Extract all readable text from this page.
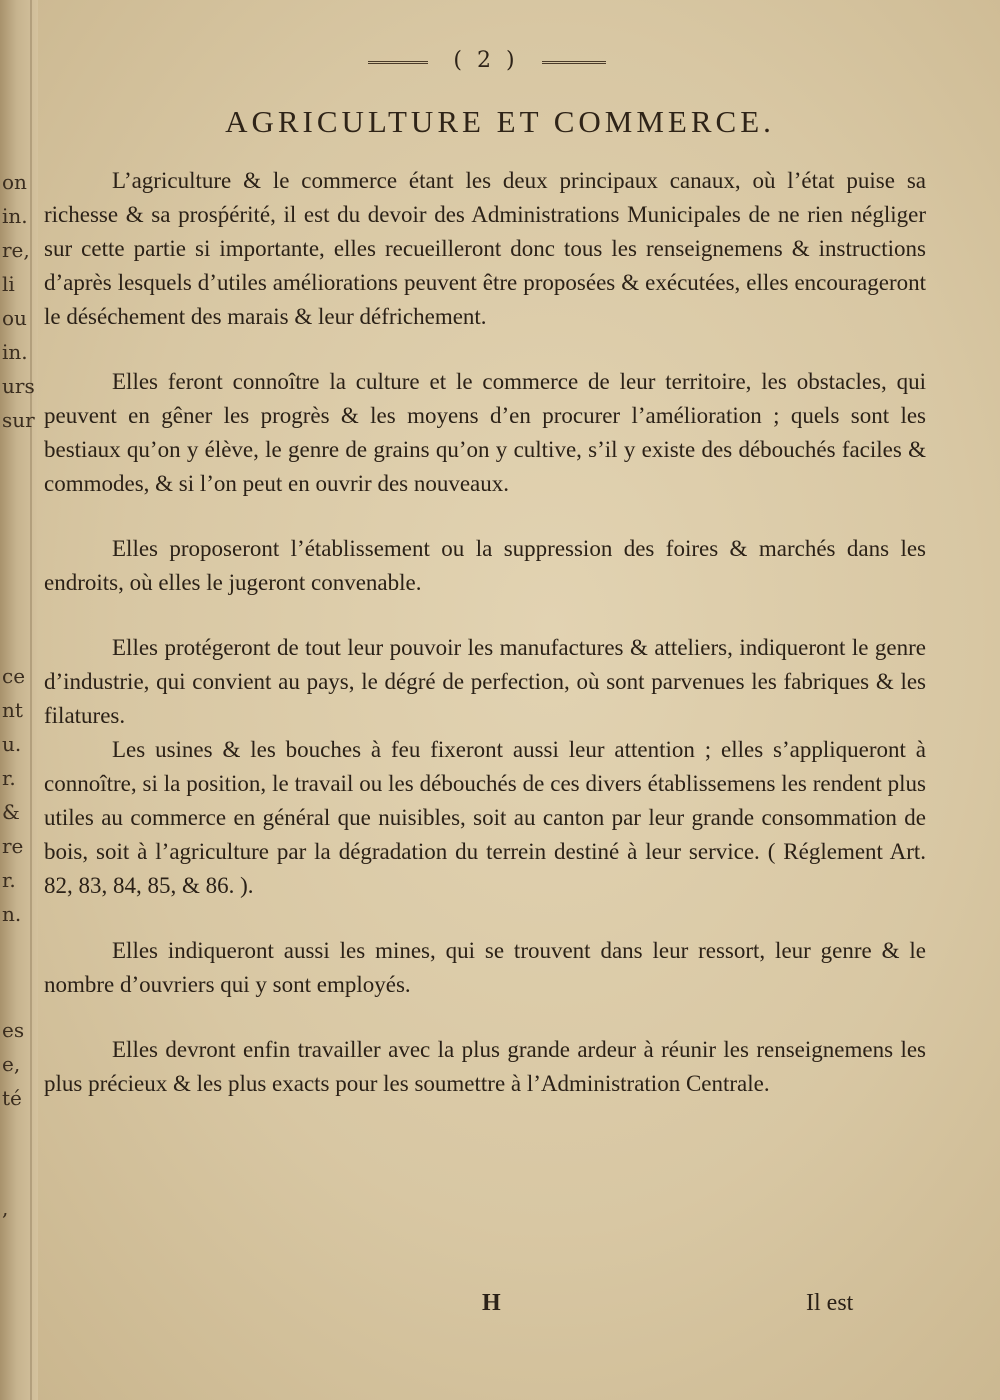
on
in.
re,
li
ou
in.
urs
sur
ce
nt
u.
r.
&
re
r.
n.
es
e,
té
,
( 2 )
AGRICULTURE ET COMMERCE.

L’agriculture & le commerce étant les deux principaux canaux, où l’état puise sa richesse & sa prosṕérité, il est du devoir des Administrations Municipales de ne rien négliger sur cette partie si importante, elles recueilleront donc tous les renseignemens & instructions d’après lesquels d’utiles améliorations peuvent être proposées & exécutées, elles encourageront le déséchement des marais & leur défrichement.

Elles feront connoître la culture et le commerce de leur territoire, les obstacles, qui peuvent en gêner les progrès & les moyens d’en procurer l’amélioration ; quels sont les bestiaux qu’on y élève, le genre de grains qu’on y cultive, s’il y existe des débouchés faciles & commodes, & si l’on peut en ouvrir des nouveaux.

Elles proposeront l’établissement ou la suppression des foires & marchés dans les endroits, où elles le jugeront convenable.

Elles protégeront de tout leur pouvoir les manufactures & atteliers, indiqueront le genre d’industrie, qui convient au pays, le dégré de perfection, où sont parvenues les fabriques & les filatures.

Les usines & les bouches à feu fixeront aussi leur attention ; elles s’appliqueront à connoître, si la position, le travail ou les débouchés de ces divers établissemens les rendent plus utiles au commerce en général que nuisibles, soit au canton par leur grande consommation de bois, soit à l’agriculture par la dégradation du terrein destiné à leur service. ( Réglement Art. 82, 83, 84, 85, & 86. ).

Elles indiqueront aussi les mines, qui se trouvent dans leur ressort, leur genre & le nombre d’ouvriers qui y sont employés.

Elles devront enfin travailler avec la plus grande ardeur à réunir les renseignemens les plus précieux & les plus exacts pour les soumettre à l’Administration Centrale.

H	Il est
